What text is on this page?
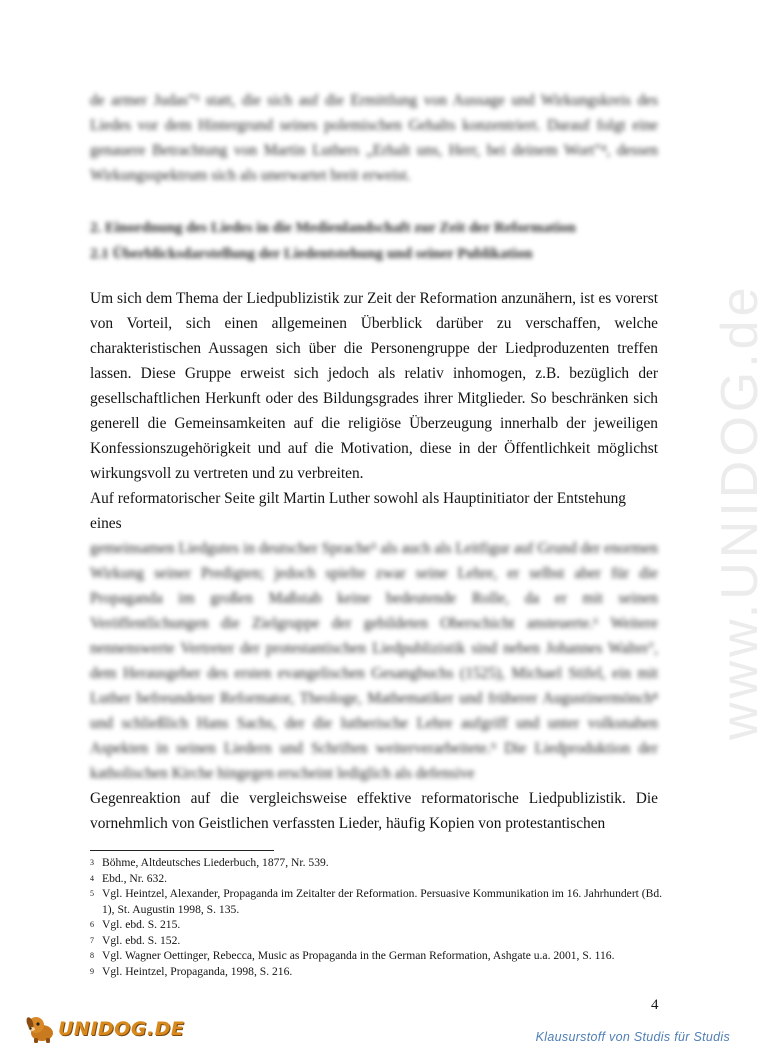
www.UNIDOG.de

de armer Judas”³ statt, die sich auf die Ermittlung von Aussage und Wirkungskreis des Liedes vor dem Hintergrund seines polemischen Gehalts konzentriert. Darauf folgt eine genauere Betrachtung von Martin Luthers „Erhalt uns, Herr, bei deinem Wort”⁴, dessen Wirkungsspektrum sich als unerwartet breit erweist.

2. Einordnung des Liedes in die Medienlandschaft zur Zeit der Reformation

2.1 Überblicksdarstellung der Liedentstehung und seiner Publikation

Um sich dem Thema der Liedpublizistik zur Zeit der Reformation anzunähern, ist es vorerst von Vorteil, sich einen allgemeinen Überblick darüber zu verschaffen, welche charakteristischen Aussagen sich über die Personengruppe der Liedproduzenten treffen lassen. Diese Gruppe erweist sich jedoch als relativ inhomogen, z.B. bezüglich der gesellschaftlichen Herkunft oder des Bildungsgrades ihrer Mitglieder. So beschränken sich generell die Gemeinsamkeiten auf die religiöse Überzeugung innerhalb der jeweiligen Konfessionszugehörigkeit und auf die Motivation, diese in der Öffentlichkeit möglichst wirkungsvoll zu vertreten und zu verbreiten.

Auf reformatorischer Seite gilt Martin Luther sowohl als Hauptinitiator der Entstehung eines

gemeinsamen Liedgutes in deutscher Sprache⁵ als auch als Leitfigur auf Grund der enormen Wirkung seiner Predigten; jedoch spielte zwar seine Lehre, er selbst aber für die Propaganda im großen Maßstab keine bedeutende Rolle, da er mit seinen Veröffentlichungen die Zielgruppe der gebildeten Oberschicht ansteuerte.⁶ Weitere nennenswerte Vertreter der protestantischen Liedpublizistik sind neben Johannes Walter⁷, dem Herausgeber des ersten evangelischen Gesangbuchs (1525), Michael Stifel, ein mit Luther befreundeter Reformator, Theologe, Mathematiker und früherer Augustinermönch⁸ und schließlich Hans Sachs, der die lutherische Lehre aufgriff und unter volksnahen Aspekten in seinen Liedern und Schriften weiterverarbeitete.⁹ Die Liedproduktion der katholischen Kirche hingegen erscheint lediglich als defensive

Gegenreaktion auf die vergleichsweise effektive reformatorische Liedpublizistik. Die vornehmlich von Geistlichen verfassten Lieder, häufig Kopien von protestantischen

3 Böhme, Altdeutsches Liederbuch, 1877, Nr. 539.
4 Ebd., Nr. 632.
5 Vgl. Heintzel, Alexander, Propaganda im Zeitalter der Reformation. Persuasive Kommunikation im 16. Jahrhundert (Bd. 1), St. Augustin 1998, S. 135.
6 Vgl. ebd. S. 215.
7 Vgl. ebd. S. 152.
8 Vgl. Wagner Oettinger, Rebecca, Music as Propaganda in the German Reformation, Ashgate u.a. 2001, S. 116.
9 Vgl. Heintzel, Propaganda, 1998, S. 216.
4
UNIDOG.DE	Klausurstoff von Studis für Studis
